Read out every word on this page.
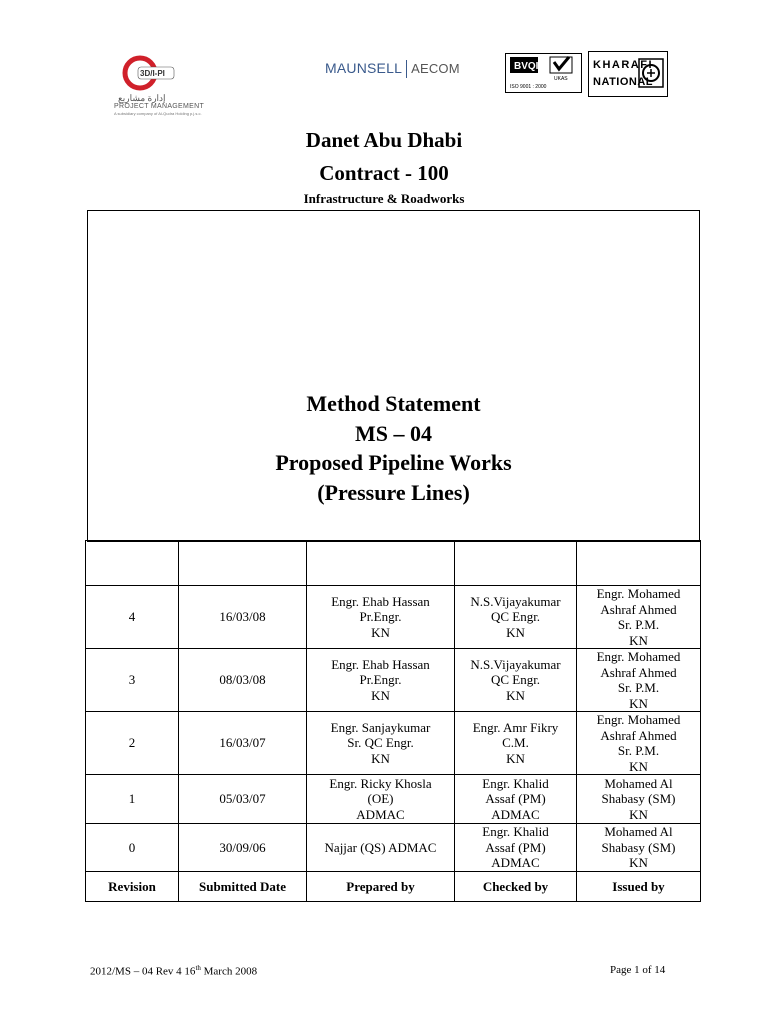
3D/I-PI
إدارة مشاريع
PROJECT MANAGEMENT
A subsidiary company of Al-Qudra Holding p.j.s.c.
MAUNSELL AECOM	BVQI
UKAS
ISO 9001 : 2000
KHARAFI
NATIONAL
Danet Abu Dhabi
Contract - 100
Infrastructure & Roadworks
Method Statement
MS – 04
Proposed Pipeline Works
(Pressure Lines)

4	16/03/08	Engr. Ehab Hassan
Pr.Engr.
KN	N.S.Vijayakumar
QC Engr.
KN	Engr. Mohamed
Ashraf Ahmed
Sr. P.M.
KN

3	08/03/08	Engr. Ehab Hassan
Pr.Engr.
KN	N.S.Vijayakumar
QC Engr.
KN	Engr. Mohamed
Ashraf Ahmed
Sr. P.M.
KN

2	16/03/07	Engr. Sanjaykumar
Sr. QC Engr.
KN	Engr. Amr Fikry
C.M.
KN	Engr. Mohamed
Ashraf Ahmed
Sr. P.M.
KN

1	05/03/07	Engr. Ricky Khosla
(OE)
ADMAC	Engr. Khalid
Assaf (PM)
ADMAC	Mohamed Al
Shabasy (SM)
KN

0	30/09/06	Najjar (QS) ADMAC	Engr. Khalid
Assaf (PM)
ADMAC	Mohamed Al
Shabasy (SM)
KN

Revision	Submitted Date	Prepared by	Checked by	Issued by
2012/MS – 04 Rev 4 16th March 2008	Page 1 of 14
